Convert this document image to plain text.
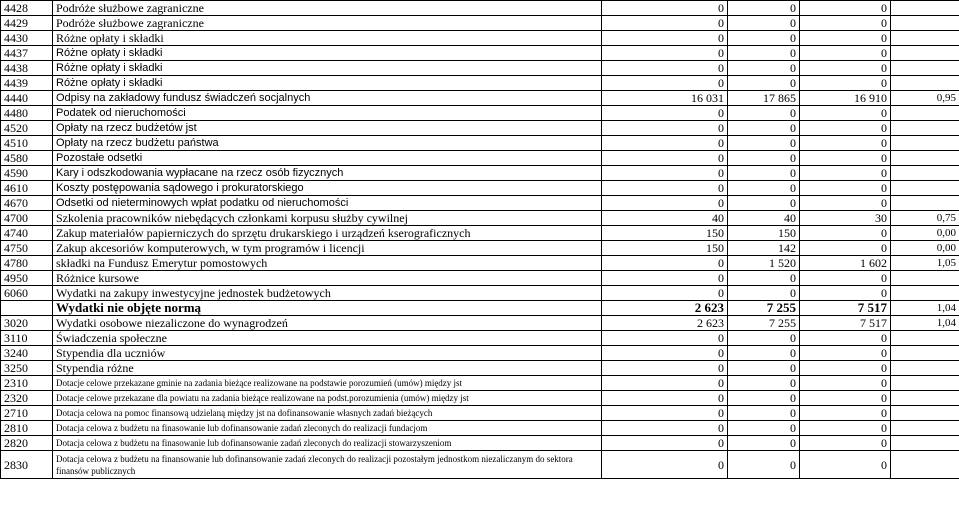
4428	Podróże służbowe zagraniczne	0	0	0	
4429	Podróże służbowe zagraniczne	0	0	0	
4430	Różne opłaty i składki	0	0	0	
4437	Różne opłaty i składki	0	0	0	
4438	Różne opłaty i składki	0	0	0	
4439	Różne opłaty i składki	0	0	0	
4440	Odpisy na zakładowy fundusz świadczeń socjalnych	16 031	17 865	16 910	0,95
4480	Podatek od nieruchomości	0	0	0	
4520	Opłaty na rzecz budżetów jst	0	0	0	
4510	Opłaty na rzecz budżetu państwa	0	0	0	
4580	Pozostałe odsetki	0	0	0	
4590	Kary i odszkodowania wypłacane na rzecz osób fizycznych	0	0	0	
4610	Koszty postępowania sądowego i prokuratorskiego	0	0	0	
4670	Odsetki od nieterminowych wpłat podatku od nieruchomości	0	0	0	
4700	Szkolenia pracowników niebędących członkami korpusu służby cywilnej	40	40	30	0,75
4740	Zakup materiałów papierniczych do sprzętu drukarskiego i urządzeń kserograficznych	150	150	0	0,00
4750	Zakup akcesoriów komputerowych, w tym programów i licencji	150	142	0	0,00
4780	składki na Fundusz Emerytur pomostowych	0	1 520	1 602	1,05
4950	Różnice kursowe	0	0	0	
6060	Wydatki na zakupy inwestycyjne jednostek budżetowych	0	0	0	
	Wydatki nie objęte normą	2 623	7 255	7 517	1,04
3020	Wydatki osobowe niezaliczone do wynagrodzeń	2 623	7 255	7 517	1,04
3110	Świadczenia społeczne	0	0	0	
3240	Stypendia dla uczniów	0	0	0	
3250	Stypendia różne	0	0	0	
2310	Dotacje celowe przekazane gminie na zadania bieżące realizowane na podstawie porozumień (umów) między jst	0	0	0	
2320	Dotacje celowe przekazane dla powiatu na zadania bieżące realizowane na podst.porozumienia (umów) między jst	0	0	0	
2710	Dotacja celowa na pomoc finansową udzielaną między jst na dofinansowanie własnych zadań bieżących	0	0	0	
2810	Dotacja celowa z budżetu na finasowanie lub dofinansowanie zadań zleconych do realizacji fundacjom	0	0	0	
2820	Dotacja celowa z budżetu na finasowanie lub dofinansowanie zadań zleconych do realizacji stowarzyszeniom	0	0	0	
2830	Dotacja celowa z budżetu na finansowanie lub dofinansowanie zadań zleconych do realizacji pozostałym jednostkom niezaliczanym do sektora finansów publicznych	0	0	0	
